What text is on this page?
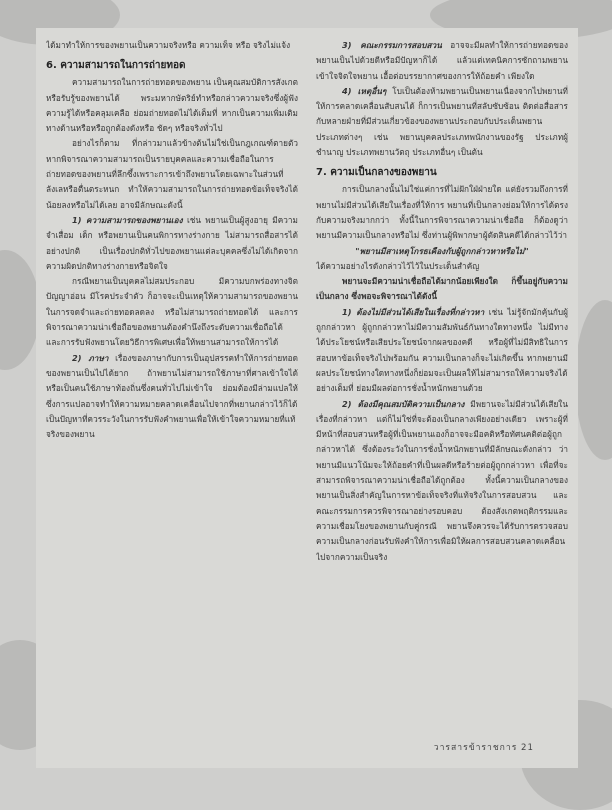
ได้มาทำให้การของพยานเป็นความจริงหรือ ความเท็จ หรือ จริงไม่แจ้ง

6. ความสามารถในการถ่ายทอด

ความสามารถในการถ่ายทอดของพยาน เป็นคุณสมบัติการสังเกตหรือรับรู้ของพยานได้ พระมหากษัตริย์ทำหรือกล่าวความจริงซึ่งผู้ฟังความรู้ได้หรือคลุมเคลือ ย่อมถ่ายทอดไม่ได้เต็มที่ หากเป็นความเพิ่มเติมทางด้านหรือหรือถูกต้องดังหรือ ชัดๆ หรือจริงทั่วไป

อย่างไรก็ตาม ที่กล่าวมาแล้วข้างต้นไม่ใช่เป็นกฎเกณฑ์ตายตัว หากพิจารณาความสามารถเป็นรายบุคคลและความเชื่อถือในการถ่ายทอดของพยานที่ลึกซึ้งเพราะการเข้าถึงพยานโดยเฉพาะในส่วนที่ลังเลหรือตื่นตระหนก ทำให้ความสามารถในการถ่ายทอดข้อเท็จจริงได้น้อยลงหรือไม่ได้เลย อาจมีลักษณะดังนี้

1) ความสามารถของพยานเอง เช่น พยานเป็นผู้สูงอายุ มีความจำเสื่อม เด็ก หรือพยานเป็นคนพิการทางร่างกาย ไม่สามารถสื่อสารได้อย่างปกติ เป็นเรื่องปกติทั่วไปของพยานแต่ละบุคคลซึ่งไม่ได้เกิดจากความผิดปกติทางร่างกายหรือจิตใจ

กรณีพยานเป็นบุคคลไม่สมประกอบ มีความบกพร่องทางจิต ปัญญาอ่อน มีโรคประจำตัว ก็อาจจะเป็นเหตุให้ความสามารถของพยานในการจดจำและถ่ายทอดลดลง หรือไม่สามารถถ่ายทอดได้ และการพิจารณาความน่าเชื่อถือของพยานต้องคำนึงถึงระดับความเชื่อถือได้ และการรับฟังพยานโดยวิธีการพิเศษเพื่อให้พยานสามารถให้การได้

2) ภาษา เรื่องของภาษากับการเป็นอุปสรรคทำให้การถ่ายทอดของพยานเป็นไปได้ยาก ถ้าพยานไม่สามารถใช้ภาษาที่ศาลเข้าใจได้ หรือเป็นคนใช้ภาษาท้องถิ่นซึ่งคนทั่วไปไม่เข้าใจ ย่อมต้องมีล่ามแปลให้ ซึ่งการแปลอาจทำให้ความหมายคลาดเคลื่อนไปจากที่พยานกล่าวไว้ก็ได้ เป็นปัญหาที่ควรระวังในการรับฟังคำพยานเพื่อให้เข้าใจความหมายที่แท้จริงของพยาน

3) คณะกรรมการสอบสวน อาจจะมีผลทำให้การถ่ายทอดของพยานเป็นไปด้วยดีหรือมีปัญหาก็ได้ แล้วแต่เทคนิคการซักถามพยาน เข้าใจจิตใจพยาน เอื้อต่อบรรยากาศของการให้ถ้อยคำ เพียงใด

4) เหตุอื่นๆ โบเป็นต้องห้ามพยานเป็นพยานเนื่องจากไปพยานที่ให้การคลาดเคลื่อนสับสนได้ ก็การเป็นพยานที่สลับซับซ้อน ติดต่อสื่อสารกับหลายฝ่ายที่มีส่วนเกี่ยวข้องของพยานประกอบกับประเด็นพยานประเภทต่างๆ เช่น พยานบุคคลประเภทพนักงานของรัฐ ประเภทผู้ชำนาญ ประเภทพยานวัตถุ ประเภทอื่นๆ เป็นต้น

7. ความเป็นกลางของพยาน

การเป็นกลางนั้นไม่ใช่แค่การที่ไม่ฝักใฝ่ฝ่ายใด แต่ยังรวมถึงการที่พยานไม่มีส่วนได้เสียในเรื่องที่ให้การ พยานที่เป็นกลางย่อมให้การได้ตรงกับความจริงมากกว่า ทั้งนี้ในการพิจารณาความน่าเชื่อถือ ก็ต้องดูว่าพยานมีความเป็นกลางหรือไม่ ซึ่งท่านผู้พิพากษาผู้ตัดสินคดีได้กล่าวไว้ว่า

"พยานมีสาเหตุโกรธเคืองกับผู้ถูกกล่าวหาหรือไม่"

ได้ความอย่างไรดังกล่าวไว้ไว้ในประเด็นสำคัญ

พยานจะมีความน่าเชื่อถือได้มากน้อยเพียงใด ก็ขึ้นอยู่กับความเป็นกลาง ซึ่งพอจะพิจารณาได้ดังนี้

1) ต้องไม่มีส่วนได้เสียในเรื่องที่กล่าวหา เช่น ไม่รู้จักมักคุ้นกับผู้ถูกกล่าวหา ผู้ถูกกล่าวหาไม่มีความสัมพันธ์กันทางใดทางหนึ่ง ไม่มีทางได้ประโยชน์หรือเสียประโยชน์จากผลของคดี หรือผู้ที่ไม่มีสิทธิในการสอบหาข้อเท็จจริงไปพร้อมกัน ความเป็นกลางก็จะไม่เกิดขึ้น หากพยานมีผลประโยชน์ทางใดทางหนึ่งก็ย่อมจะเป็นผลให้ไม่สามารถให้ความจริงได้อย่างเต็มที่ ย่อมมีผลต่อการชั่งน้ำหนักพยานด้วย

2) ต้องมีคุณสมบัติความเป็นกลาง มีพยานจะไม่มีส่วนได้เสียในเรื่องที่กล่าวหา แต่ก็ไม่ใช่ที่จะต้องเป็นกลางเพียงอย่างเดียว เพราะผู้ที่มีหน้าที่สอบสวนหรือผู้ที่เป็นพยานเองก็อาจจะมีอคติหรือทัศนคติต่อผู้ถูกกล่าวหาได้ ซึ่งต้องระวังในการชั่งน้ำหนักพยานที่มีลักษณะดังกล่าว ว่าพยานมีแนวโน้มจะให้ถ้อยคำที่เป็นผลดีหรือร้ายต่อผู้ถูกกล่าวหา เพื่อที่จะสามารถพิจารณาความน่าเชื่อถือได้ถูกต้อง ทั้งนี้ความเป็นกลางของพยานเป็นสิ่งสำคัญในการหาข้อเท็จจริงที่แท้จริงในการสอบสวน และคณะกรรมการควรพิจารณาอย่างรอบคอบ ต้องสังเกตพฤติกรรมและความเชื่อมโยงของพยานกับคู่กรณี พยานจึงควรจะได้รับการตรวจสอบความเป็นกลางก่อนรับฟังคำให้การเพื่อมิให้ผลการสอบสวนคลาดเคลื่อนไปจากความเป็นจริง

วารสารข้าราชการ 21
